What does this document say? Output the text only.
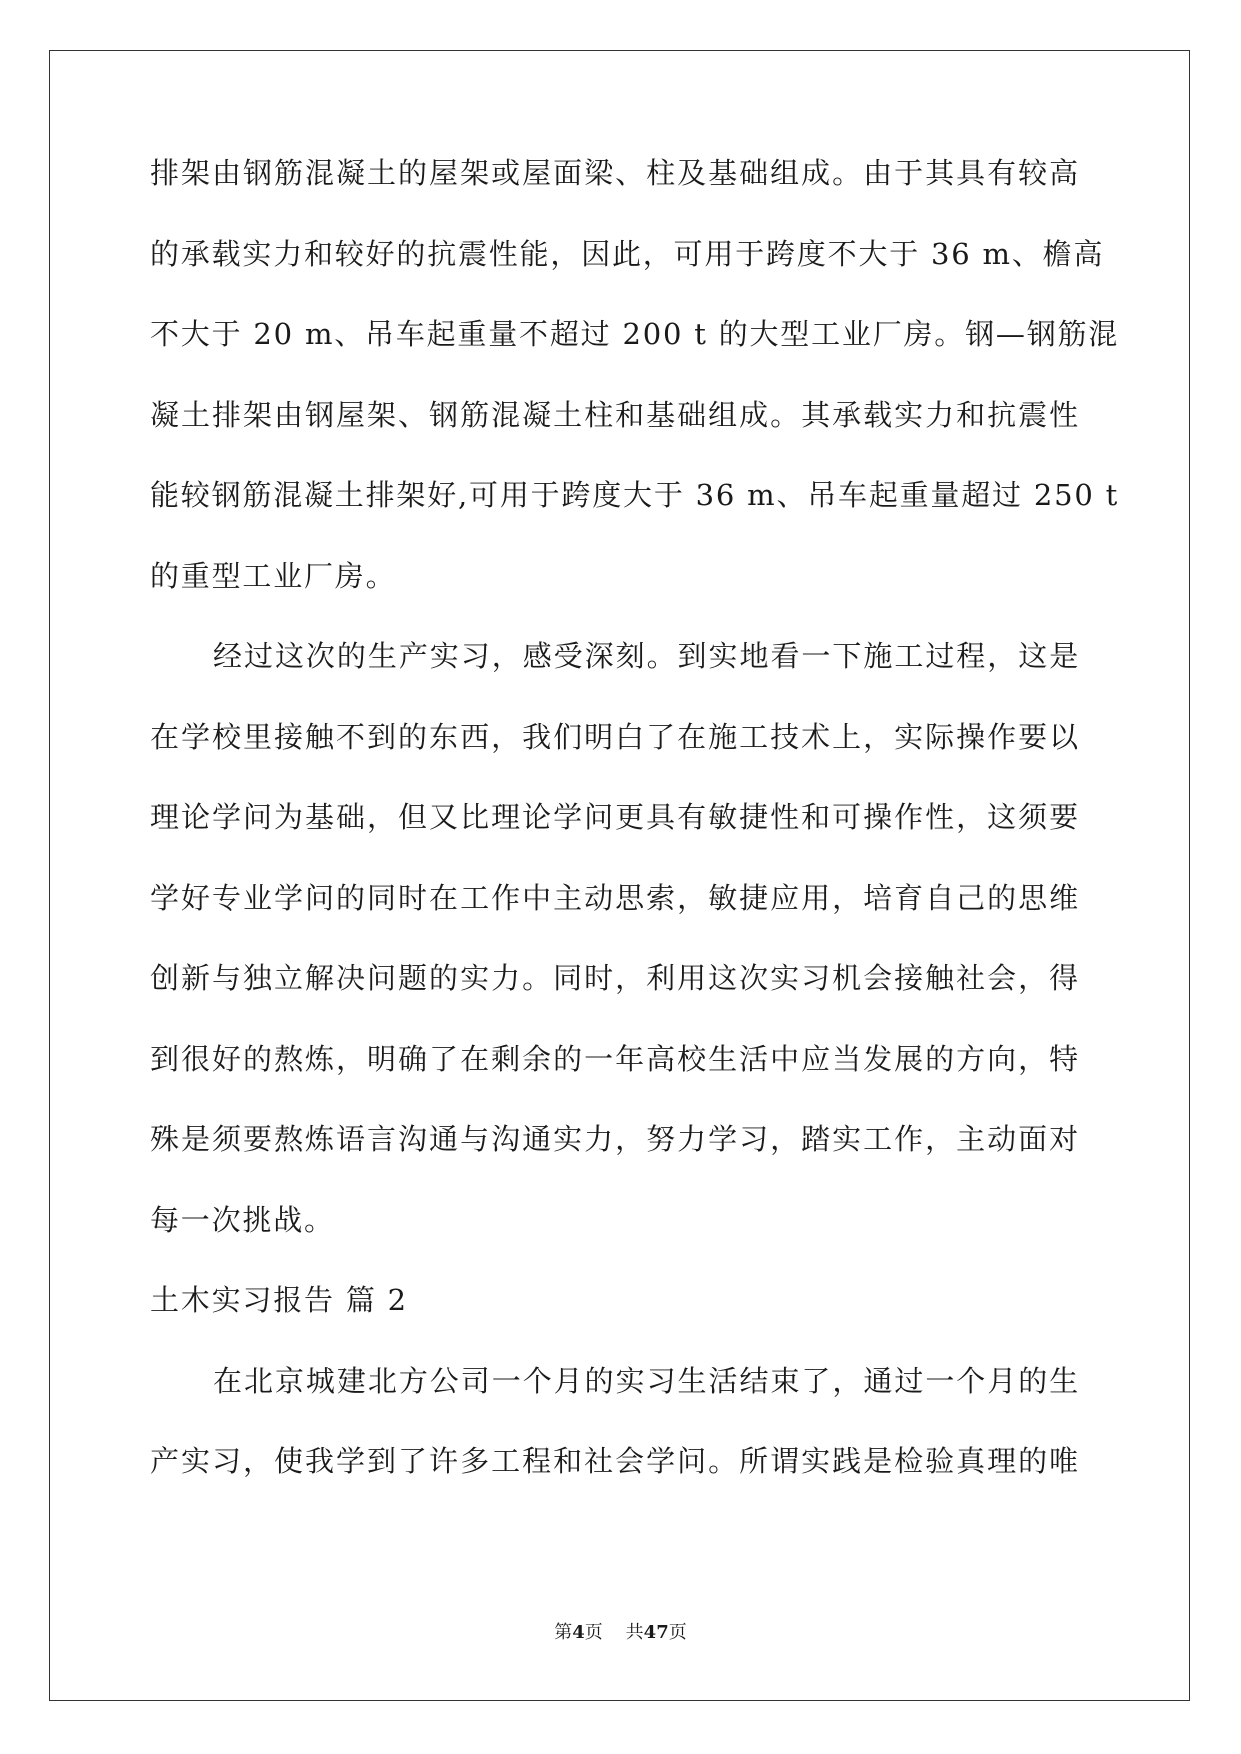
排架由钢筋混凝土的屋架或屋面梁、柱及基础组成。由于其具有较高
的承载实力和较好的抗震性能，因此，可用于跨度不大于 36 m、檐高
不大于 20 m、吊车起重量不超过 200 t 的大型工业厂房。钢—钢筋混
凝土排架由钢屋架、钢筋混凝土柱和基础组成。其承载实力和抗震性
能较钢筋混凝土排架好,可用于跨度大于 36 m、吊车起重量超过 250 t
的重型工业厂房。
经过这次的生产实习，感受深刻。到实地看一下施工过程，这是
在学校里接触不到的东西，我们明白了在施工技术上，实际操作要以
理论学问为基础，但又比理论学问更具有敏捷性和可操作性，这须要
学好专业学问的同时在工作中主动思索，敏捷应用，培育自己的思维
创新与独立解决问题的实力。同时，利用这次实习机会接触社会，得
到很好的熬炼，明确了在剩余的一年高校生活中应当发展的方向，特
殊是须要熬炼语言沟通与沟通实力，努力学习，踏实工作，主动面对
每一次挑战。
土木实习报告 篇 2
在北京城建北方公司一个月的实习生活结束了，通过一个月的生
产实习，使我学到了许多工程和社会学问。所谓实践是检验真理的唯
第4页 共47页
